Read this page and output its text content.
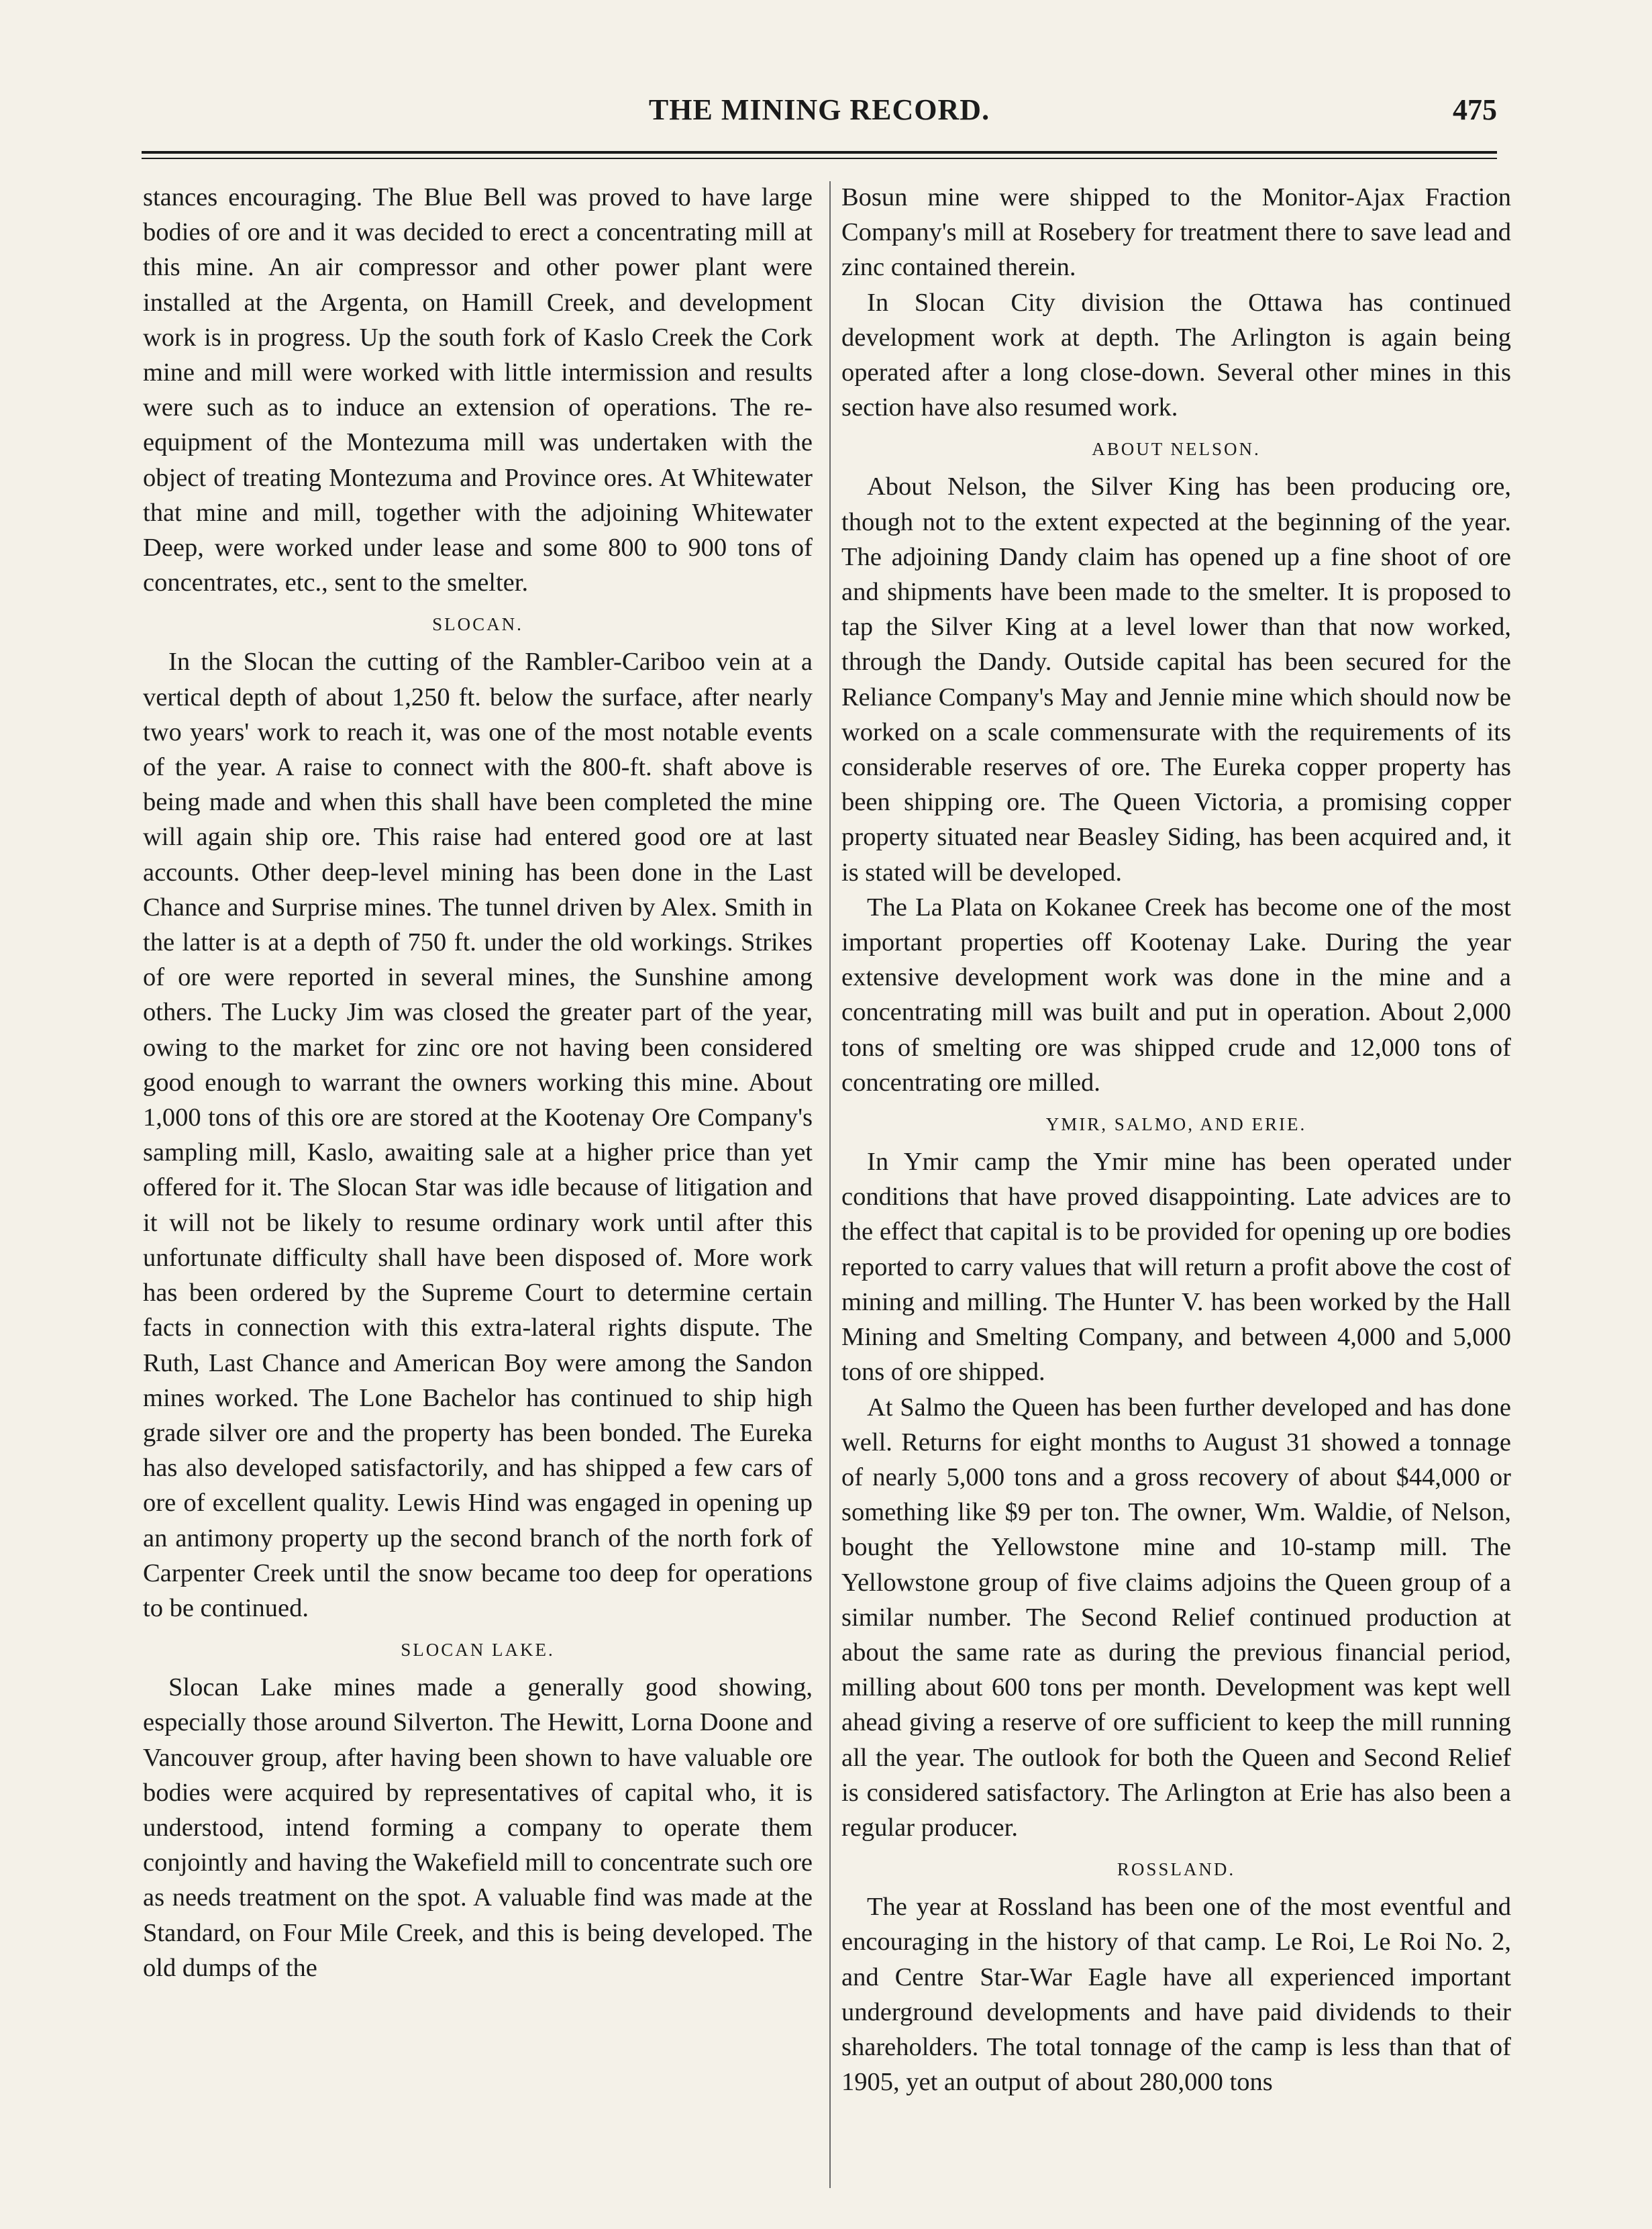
THE MINING RECORD.	475

stances encouraging. The Blue Bell was proved to have large bodies of ore and it was decided to erect a concentrating mill at this mine. An air compressor and other power plant were installed at the Argenta, on Hamill Creek, and development work is in progress. Up the south fork of Kaslo Creek the Cork mine and mill were worked with little intermission and results were such as to induce an extension of operations. The re-equipment of the Montezuma mill was undertaken with the object of treating Montezuma and Province ores. At Whitewater that mine and mill, together with the adjoining Whitewater Deep, were worked under lease and some 800 to 900 tons of concentrates, etc., sent to the smelter.

SLOCAN.

In the Slocan the cutting of the Rambler-Cariboo vein at a vertical depth of about 1,250 ft. below the surface, after nearly two years' work to reach it, was one of the most notable events of the year. A raise to connect with the 800-ft. shaft above is being made and when this shall have been completed the mine will again ship ore. This raise had entered good ore at last accounts. Other deep-level mining has been done in the Last Chance and Surprise mines. The tunnel driven by Alex. Smith in the latter is at a depth of 750 ft. under the old workings. Strikes of ore were reported in several mines, the Sunshine among others. The Lucky Jim was closed the greater part of the year, owing to the market for zinc ore not having been considered good enough to warrant the owners working this mine. About 1,000 tons of this ore are stored at the Kootenay Ore Company's sampling mill, Kaslo, awaiting sale at a higher price than yet offered for it. The Slocan Star was idle because of litigation and it will not be likely to resume ordinary work until after this unfortunate difficulty shall have been disposed of. More work has been ordered by the Supreme Court to determine certain facts in connection with this extra-lateral rights dispute. The Ruth, Last Chance and American Boy were among the Sandon mines worked. The Lone Bachelor has continued to ship high grade silver ore and the property has been bonded. The Eureka has also developed satisfactorily, and has shipped a few cars of ore of excellent quality. Lewis Hind was engaged in opening up an antimony property up the second branch of the north fork of Carpenter Creek until the snow became too deep for operations to be continued.

SLOCAN LAKE.

Slocan Lake mines made a generally good showing, especially those around Silverton. The Hewitt, Lorna Doone and Vancouver group, after having been shown to have valuable ore bodies were acquired by representatives of capital who, it is understood, intend forming a company to operate them conjointly and having the Wakefield mill to concentrate such ore as needs treatment on the spot. A valuable find was made at the Standard, on Four Mile Creek, and this is being developed. The old dumps of the

Bosun mine were shipped to the Monitor-Ajax Fraction Company's mill at Rosebery for treatment there to save lead and zinc contained therein.

In Slocan City division the Ottawa has continued development work at depth. The Arlington is again being operated after a long close-down. Several other mines in this section have also resumed work.

ABOUT NELSON.

About Nelson, the Silver King has been producing ore, though not to the extent expected at the beginning of the year. The adjoining Dandy claim has opened up a fine shoot of ore and shipments have been made to the smelter. It is proposed to tap the Silver King at a level lower than that now worked, through the Dandy. Outside capital has been secured for the Reliance Company's May and Jennie mine which should now be worked on a scale commensurate with the requirements of its considerable reserves of ore. The Eureka copper property has been shipping ore. The Queen Victoria, a promising copper property situated near Beasley Siding, has been acquired and, it is stated will be developed.

The La Plata on Kokanee Creek has become one of the most important properties off Kootenay Lake. During the year extensive development work was done in the mine and a concentrating mill was built and put in operation. About 2,000 tons of smelting ore was shipped crude and 12,000 tons of concentrating ore milled.

YMIR, SALMO, AND ERIE.

In Ymir camp the Ymir mine has been operated under conditions that have proved disappointing. Late advices are to the effect that capital is to be provided for opening up ore bodies reported to carry values that will return a profit above the cost of mining and milling. The Hunter V. has been worked by the Hall Mining and Smelting Company, and between 4,000 and 5,000 tons of ore shipped.

At Salmo the Queen has been further developed and has done well. Returns for eight months to August 31 showed a tonnage of nearly 5,000 tons and a gross recovery of about $44,000 or something like $9 per ton. The owner, Wm. Waldie, of Nelson, bought the Yellowstone mine and 10-stamp mill. The Yellowstone group of five claims adjoins the Queen group of a similar number. The Second Relief continued production at about the same rate as during the previous financial period, milling about 600 tons per month. Development was kept well ahead giving a reserve of ore sufficient to keep the mill running all the year. The outlook for both the Queen and Second Relief is considered satisfactory. The Arlington at Erie has also been a regular producer.

ROSSLAND.

The year at Rossland has been one of the most eventful and encouraging in the history of that camp. Le Roi, Le Roi No. 2, and Centre Star-War Eagle have all experienced important underground developments and have paid dividends to their shareholders. The total tonnage of the camp is less than that of 1905, yet an output of about 280,000 tons
